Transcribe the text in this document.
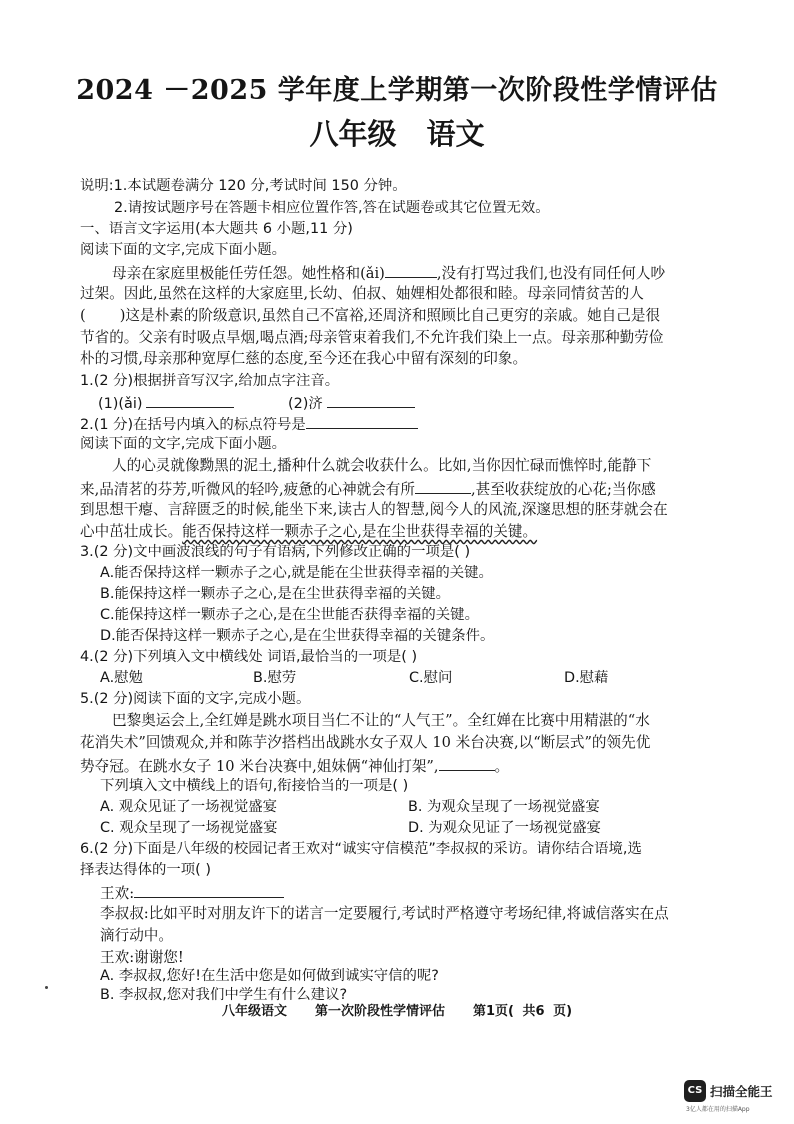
2024 －2025 学年度上学期第一次阶段性学情评估
八年级 语文
说明:1.本试题卷满分 120 分,考试时间 150 分钟。
2.请按试题序号在答题卡相应位置作答,答在试题卷或其它位置无效。
一、语言文字运用(本大题共 6 小题,11 分)
阅读下面的文字,完成下面小题。
母亲在家庭里极能任劳任怨。她性格和(ǎi)	,没有打骂过我们,也没有同任何人吵
过架。因此,虽然在这样的大家庭里,长幼、伯叔、妯娌相处都很和睦。母亲同情贫苦的人
( )这是朴素的阶级意识,虽然自己不富裕,还周济和照顾比自己更穷的亲戚。她自己是很
节省的。父亲有时吸点旱烟,喝点酒;母亲管束着我们,不允许我们染上一点。母亲那种勤劳俭
朴的习惯,母亲那种宽厚仁慈的态度,至今还在我心中留有深刻的印象。
1.(2 分)根据拼音写汉字,给加点字注音。
(1)(ǎi)	(2)济
2.(1 分)在括号内填入的标点符号是
阅读下面的文字,完成下面小题。
人的心灵就像黝黑的泥土,播种什么就会收获什么。比如,当你因忙碌而憔悴时,能静下
来,品清茗的芬芳,听微风的轻吟,疲惫的心神就会有所	,甚至收获绽放的心花;当你感
到思想干瘪、言辞匮乏的时候,能坐下来,读古人的智慧,阅今人的风流,深邃思想的胚芽就会在
心中茁壮成长。能否保持这样一颗赤子之心,是在尘世获得幸福的关键。
3.(2 分)文中画波浪线的句子有语病,下列修改正确的一项是( )
A.能否保持这样一颗赤子之心,就是能在尘世获得幸福的关键。
B.能保持这样一颗赤子之心,是在尘世获得幸福的关键。
C.能保持这样一颗赤子之心,是在尘世能否获得幸福的关键。
D.能否保持这样一颗赤子之心,是在尘世获得幸福的关键条件。
4.(2 分)下列填入文中横线处 词语,最恰当的一项是( )
A.慰勉	B.慰劳	C.慰问	D.慰藉
5.(2 分)阅读下面的文字,完成小题。
巴黎奥运会上,全红婵是跳水项目当仁不让的“人气王”。全红婵在比赛中用精湛的“水
花消失术”回馈观众,并和陈芋汐搭档出战跳水女子双人 10 米台决赛,以“断层式”的领先优
势夺冠。在跳水女子 10 米台决赛中,姐妹俩“神仙打架”,	。
下列填入文中横线上的语句,衔接恰当的一项是( )
A. 观众见证了一场视觉盛宴	B. 为观众呈现了一场视觉盛宴
C. 观众呈现了一场视觉盛宴	D. 为观众见证了一场视觉盛宴
6.(2 分)下面是八年级的校园记者王欢对“诚实守信模范”李叔叔的采访。请你结合语境,选
择表达得体的一项( )
王欢:
李叔叔:比如平时对朋友许下的诺言一定要履行,考试时严格遵守考场纪律,将诚信落实在点
滴行动中。
王欢:谢谢您!
A. 李叔叔,您好!在生活中您是如何做到诚实守信的呢?
B. 李叔叔,您对我们中学生有什么建议?
八年级语文 第一次阶段性学情评估 第1页( 共6 页)
CS 扫描全能王
3亿人都在用的扫描App
